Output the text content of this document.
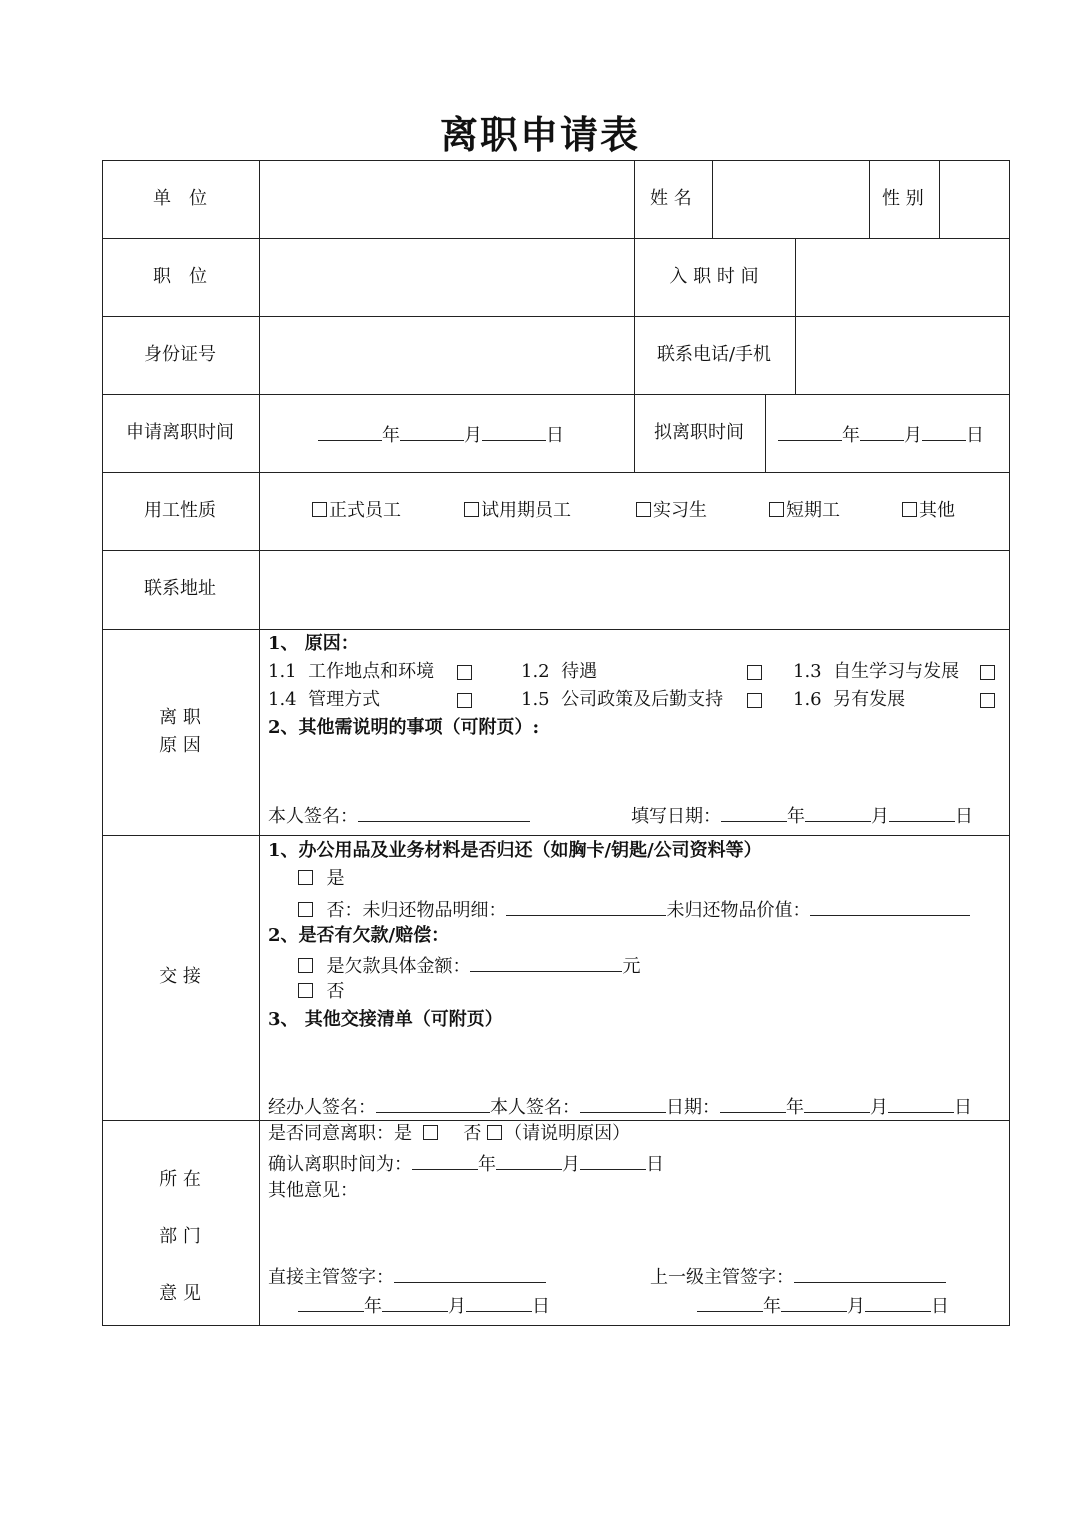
离职申请表
单　位	姓 名	性 别
职　位	入 职 时 间
身份证号	联系电话/手机
申请离职时间	年	月	日	拟离职时间	年 月 日
用工性质	正式员工	试用期员工	实习生	短期工	其他
联系地址
离 职
原 因
1、 原因：
1.1 工作地点和环境	1.2 待遇	1.3 自生学习与发展
1.4 管理方式	1.5 公司政策及后勤支持	1.6 另有发展
2、其他需说明的事项（可附页）:
本人签名：	填写日期：	年	月	日
交 接
1、办公用品及业务材料是否归还（如胸卡/钥匙/公司资料等）
是
否：未归还物品明细：	未归还物品价值：
2、是否有欠款/赔偿：
是欠款具体金额：	元
否
3、 其他交接清单（可附页）
经办人签名：	本人签名：	日期：	年	月	日
所 在
部 门
意 见
是否同意离职：是	否 （请说明原因）
确认离职时间为：	年	月	日
其他意见：
直接主管签字：	上一级主管签字：
年	月	日	年	月	日
